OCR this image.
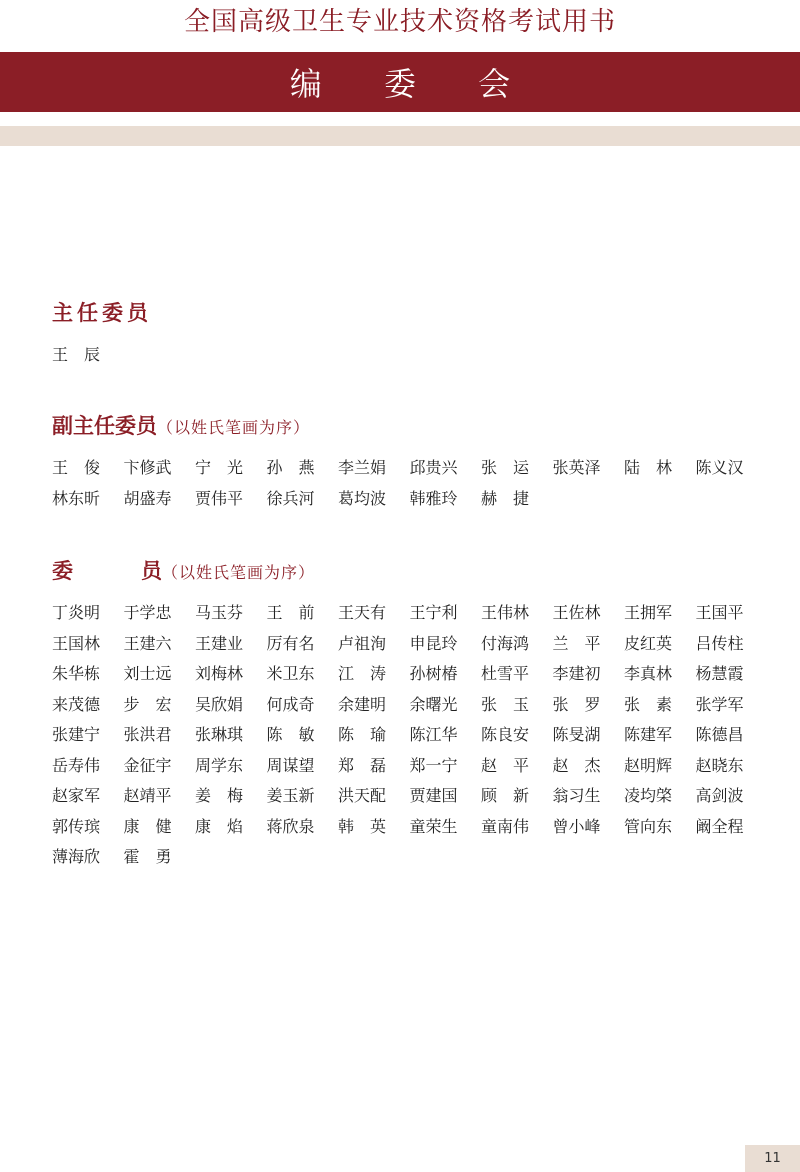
全国高级卫生专业技术资格考试用书
编 委 会
主任委员
王　辰
副主任委员（以姓氏笔画为序）
王　俊	卞修武	宁　光	孙　燕	李兰娟	邱贵兴	张　运	张英泽	陆　林	陈义汉
林东昕	胡盛寿	贾伟平	徐兵河	葛均波	韩雅玲	赫　捷
委	员（以姓氏笔画为序）
丁炎明	于学忠	马玉芬	王　前	王天有	王宁利	王伟林	王佐林	王拥军	王国平
王国林	王建六	王建业	厉有名	卢祖洵	申昆玲	付海鸿	兰　平	皮红英	吕传柱
朱华栋	刘士远	刘梅林	米卫东	江　涛	孙树椿	杜雪平	李建初	李真林	杨慧霞
来茂德	步　宏	吴欣娟	何成奇	余建明	余曙光	张　玉	张　罗	张　素	张学军
张建宁	张洪君	张琳琪	陈　敏	陈　瑜	陈江华	陈良安	陈旻湖	陈建军	陈德昌
岳寿伟	金征宇	周学东	周谋望	郑　磊	郑一宁	赵　平	赵　杰	赵明辉	赵晓东
赵家军	赵靖平	姜　梅	姜玉新	洪天配	贾建国	顾　新	翁习生	凌均棨	高剑波
郭传瑸	康　健	康　焰	蒋欣泉	韩　英	童荣生	童南伟	曾小峰	管向东	阚全程
薄海欣	霍　勇
11
